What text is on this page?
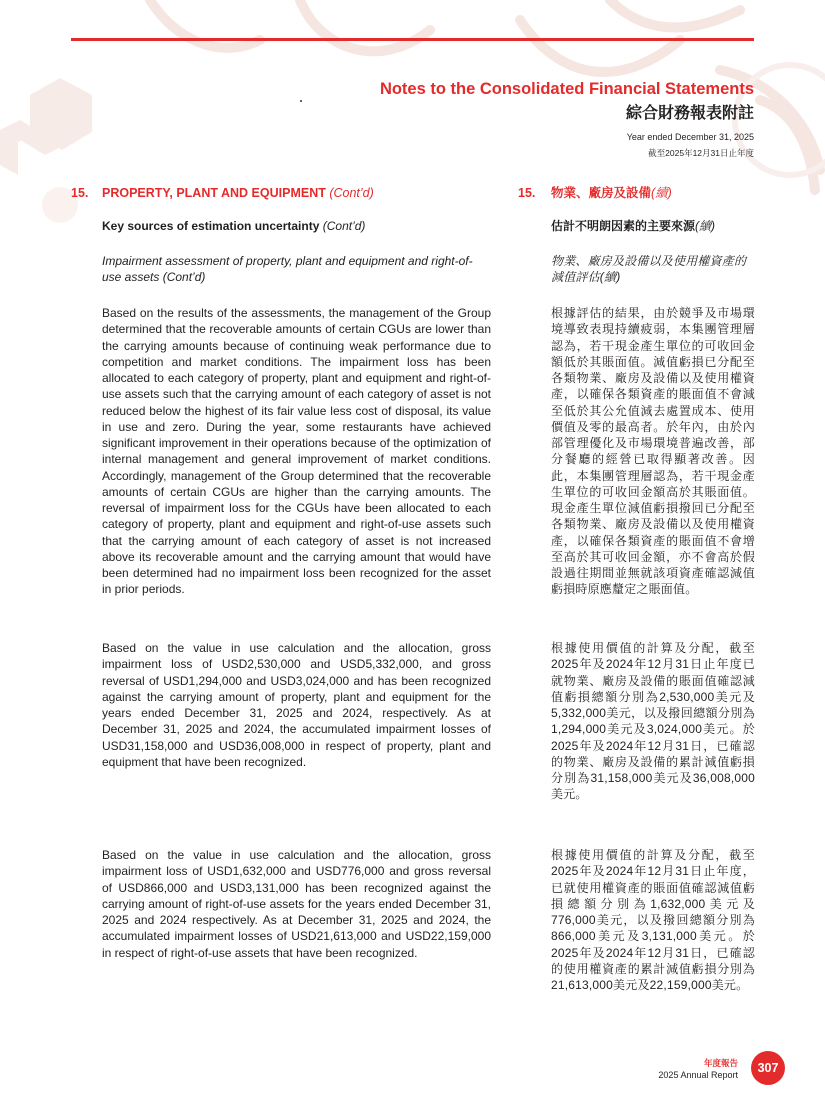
Notes to the Consolidated Financial Statements
綜合財務報表附註
Year ended December 31, 2025
截至2025年12月31日止年度
15. PROPERTY, PLANT AND EQUIPMENT (Cont’d)
Key sources of estimation uncertainty (Cont’d)
Impairment assessment of property, plant and equipment and right-of-use assets (Cont’d)
Based on the results of the assessments, the management of the Group determined that the recoverable amounts of certain CGUs are lower than the carrying amounts because of continuing weak performance due to competition and market conditions. The impairment loss has been allocated to each category of property, plant and equipment and right-of-use assets such that the carrying amount of each category of asset is not reduced below the highest of its fair value less cost of disposal, its value in use and zero. During the year, some restaurants have achieved significant improvement in their operations because of the optimization of internal management and general improvement of market conditions. Accordingly, management of the Group determined that the recoverable amounts of certain CGUs are higher than the carrying amounts. The reversal of impairment loss for the CGUs have been allocated to each category of property, plant and equipment and right-of-use assets such that the carrying amount of each category of asset is not increased above its recoverable amount and the carrying amount that would have been determined had no impairment loss been recognized for the asset in prior periods.
Based on the value in use calculation and the allocation, gross impairment loss of USD2,530,000 and USD5,332,000, and gross reversal of USD1,294,000 and USD3,024,000 and has been recognized against the carrying amount of property, plant and equipment for the years ended December 31, 2025 and 2024, respectively. As at December 31, 2025 and 2024, the accumulated impairment losses of USD31,158,000 and USD36,008,000 in respect of property, plant and equipment that have been recognized.
Based on the value in use calculation and the allocation, gross impairment loss of USD1,632,000 and USD776,000 and gross reversal of USD866,000 and USD3,131,000 has been recognized against the carrying amount of right-of-use assets for the years ended December 31, 2025 and 2024 respectively. As at December 31, 2025 and 2024, the accumulated impairment losses of USD21,613,000 and USD22,159,000 in respect of right-of-use assets that have been recognized.
15. 物業、廠房及設備(續)
估計不明朗因素的主要來源(續)
物業、廠房及設備以及使用權資產的減值評估(續)
根據評估的結果，由於競爭及市場環境導致表現持續疲弱，本集團管理層認為，若干現金產生單位的可收回金額低於其賬面值。減值虧損已分配至各類物業、廠房及設備以及使用權資產，以確保各類資產的賬面值不會減至低於其公允值減去處置成本、使用價值及零的最高者。於年內，由於內部管理優化及市場環境普遍改善，部分餐廳的經營已取得顯著改善。因此，本集團管理層認為，若干現金產生單位的可收回金額高於其賬面值。現金產生單位減值虧損撥回已分配至各類物業、廠房及設備以及使用權資產，以確保各類資產的賬面值不會增至高於其可收回金額，亦不會高於假設過往期間並無就該項資產確認減值虧損時原應釐定之賬面值。
根據使用價值的計算及分配，截至2025年及2024年12月31日止年度已就物業、廠房及設備的賬面值確認減值虧損總額分別為2,530,000美元及5,332,000美元，以及撥回總額分別為1,294,000美元及3,024,000美元。於2025年及2024年12月31日，已確認的物業、廠房及設備的累計減值虧損分別為31,158,000美元及36,008,000美元。
根據使用價值的計算及分配，截至2025年及2024年12月31日止年度，已就使用權資產的賬面值確認減值虧損總額分別為1,632,000美元及776,000美元，以及撥回總額分別為866,000美元及3,131,000美元。於2025年及2024年12月31日，已確認的使用權資產的累計減值虧損分別為21,613,000美元及22,159,000美元。
年度報告
2025 Annual Report	307
